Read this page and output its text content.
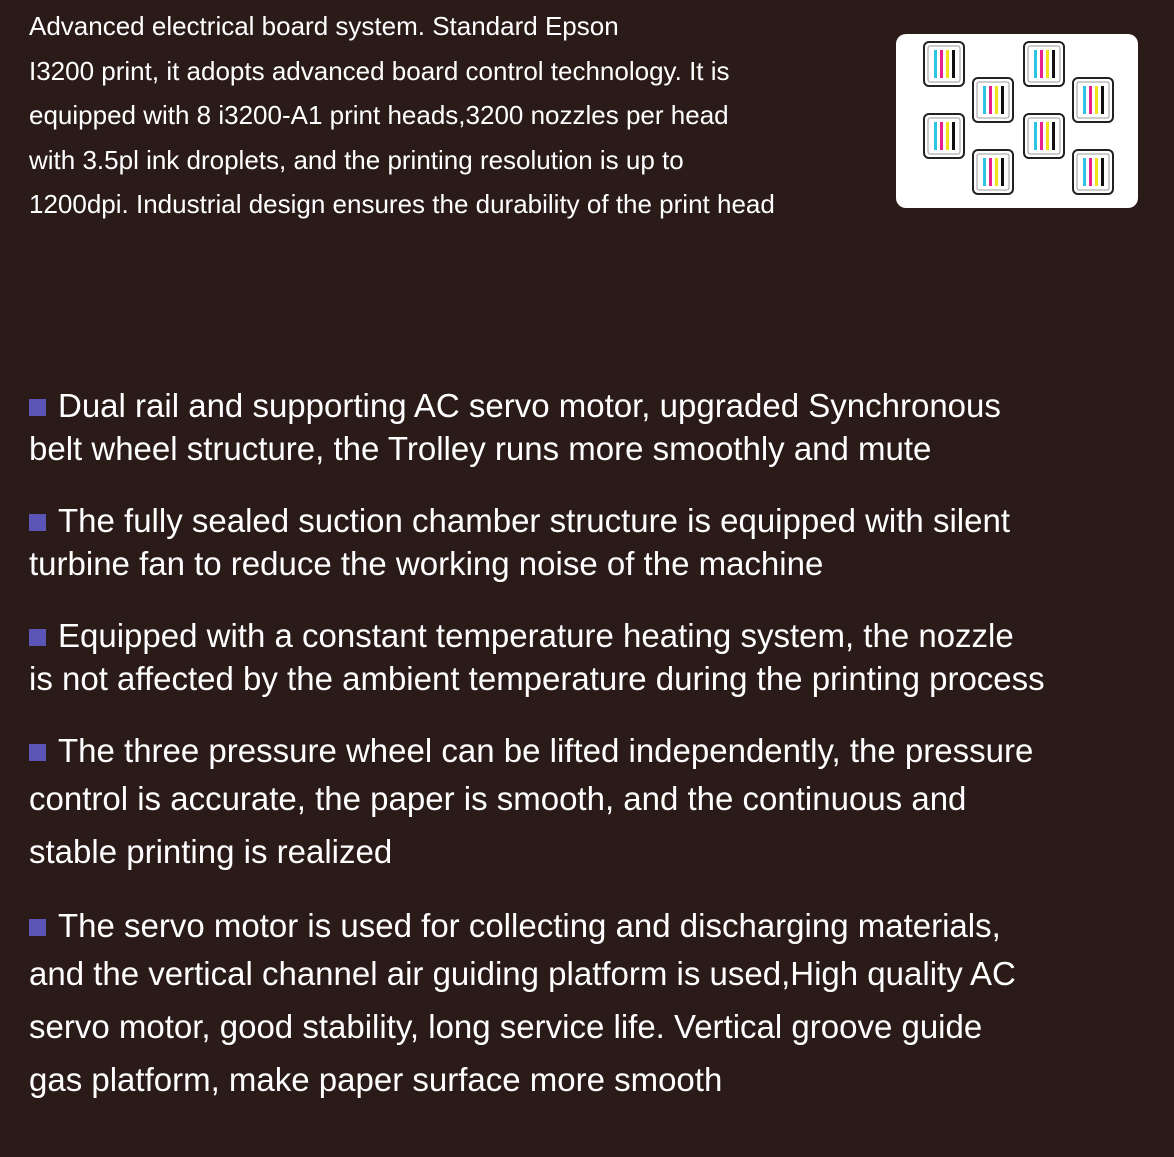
Advanced electrical board system. Standard Epson
I3200 print, it adopts advanced board control technology. It is
equipped with 8 i3200-A1 print heads,3200 nozzles per head
with 3.5pl ink droplets, and the printing resolution is up to
1200dpi. Industrial design ensures the durability of the print head
Dual rail and supporting AC servo motor, upgraded Synchronous
belt wheel structure, the Trolley runs more smoothly and mute
The fully sealed suction chamber structure is equipped with silent
turbine fan to reduce the working noise of the machine
Equipped with a constant temperature heating system, the nozzle
is not affected by the ambient temperature during the printing process
The three pressure wheel can be lifted independently, the pressure
control is accurate, the paper is smooth, and the continuous and
stable printing is realized
The servo motor is used for collecting and discharging materials,
and the vertical channel air guiding platform is used,High quality AC
servo motor, good stability, long service life. Vertical groove guide
gas platform, make paper surface more smooth
